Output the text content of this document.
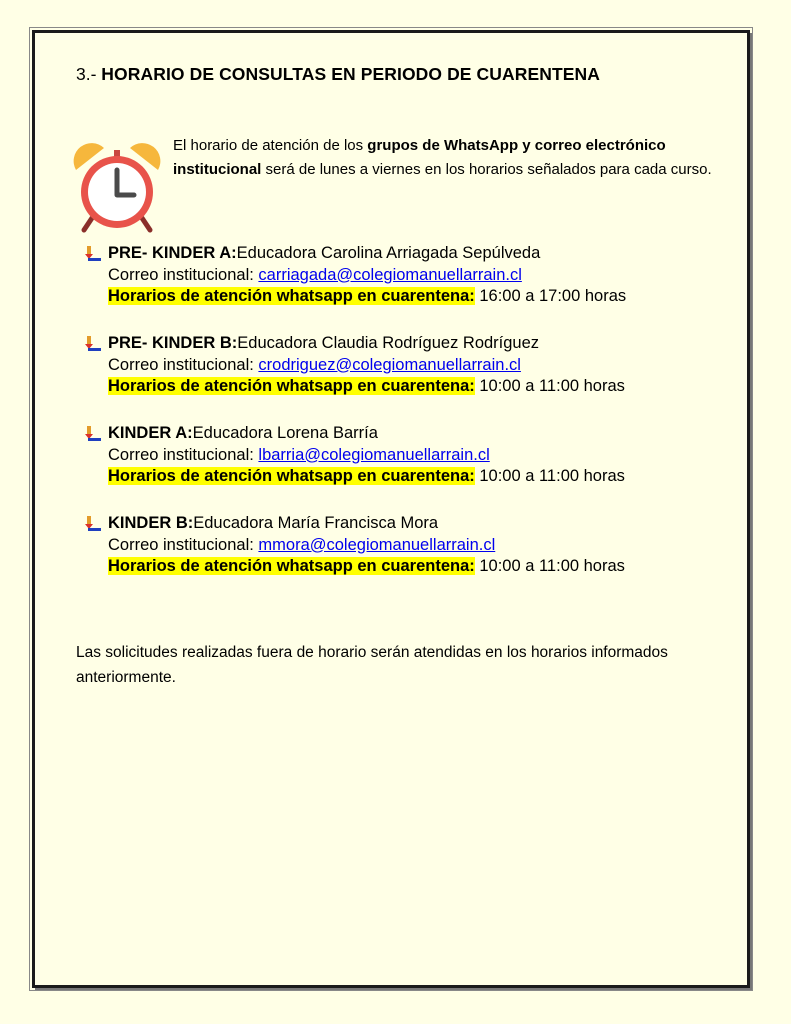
3.- HORARIO DE CONSULTAS EN PERIODO DE CUARENTENA
El horario de atención de los grupos de WhatsApp y correo electrónico institucional será de lunes a viernes en los horarios señalados para cada curso.
PRE- KINDER A: Educadora Carolina Arriagada Sepúlveda
Correo institucional: carriagada@colegiomanuellarrain.cl
Horarios de atención whatsapp en cuarentena: 16:00 a 17:00 horas
PRE- KINDER B: Educadora Claudia Rodríguez Rodríguez
Correo institucional: crodriguez@colegiomanuellarrain.cl
Horarios de atención whatsapp en cuarentena: 10:00 a 11:00 horas
KINDER A: Educadora Lorena Barría
Correo institucional: lbarria@colegiomanuellarrain.cl
Horarios de atención whatsapp en cuarentena: 10:00 a 11:00 horas
KINDER B: Educadora María Francisca Mora
Correo institucional: mmora@colegiomanuellarrain.cl
Horarios de atención whatsapp en cuarentena: 10:00 a 11:00 horas
Las solicitudes realizadas fuera de horario serán atendidas en los horarios informados anteriormente.
